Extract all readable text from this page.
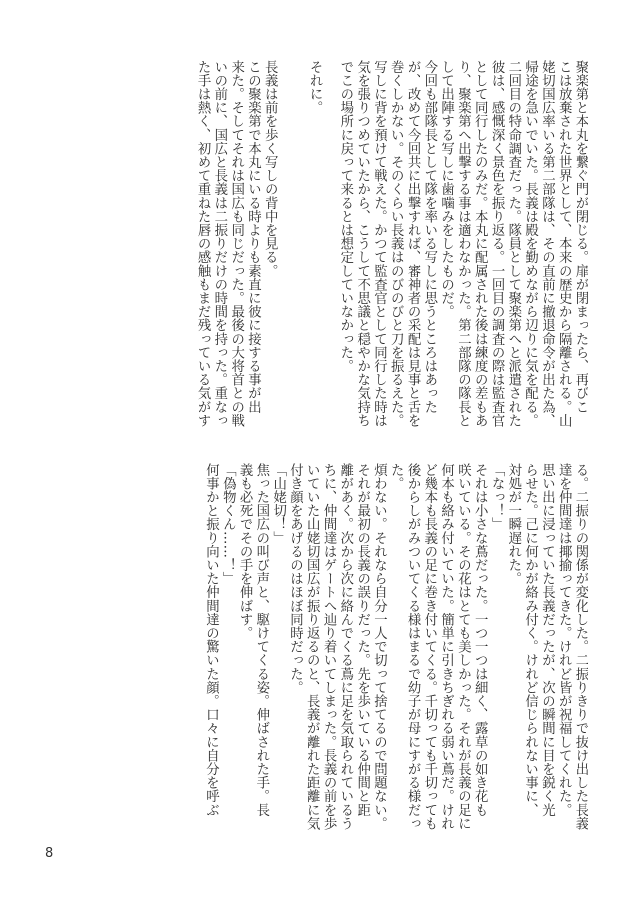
聚楽第と本丸を繋ぐ門が閉じる。扉が閉まったら、再びこ
こは放棄された世界として、本来の歴史から隔離される。山
姥切国広率いる第二部隊は、その直前に撤退命令が出た為、
帰途を急いでいた。長義は殿を勤めながら辺りに気を配る。
二回目の特命調査だった。隊員として聚楽第へと派遣された
彼は、感慨深く景色を振り返る。一回目の調査の際は監査官
として同行したのみだ。本丸に配属された後は練度の差もあ
り、聚楽第へ出撃する事は適わなかった。第二部隊の隊長と
して出陣する写しに歯噛みをしたものだ。
今回も部隊長として隊を率いる写しに思うところはあった
が、改めて今回共に出撃すれば、審神者の采配は見事と舌を
巻くしかない。そのくらい長義はのびのびと刀を振るえた。
写しに背を預けて戦えた。かつて監査官として同行した時は
気を張りつめていたから、こうして不思議と穏やかな気持ち
でこの場所に戻って来るとは想定していなかった。
それに。
長義は前を歩く写しの背中を見る。
この聚楽第で本丸にいる時よりも素直に彼に接する事が出
来た。そしてそれは国広も同じだった。最後の大将首との戦
いの前に、国広と長義は二振りだけの時間を持った。重なっ
た手は熱く、初めて重ねた唇の感触もまだ残っている気がす
る。二振りの関係が変化した。二振りきりで抜け出した長義
達を仲間達は揶揄ってきた。けれど皆が祝福してくれた。
思い出に浸っていた長義だったが、次の瞬間に目を鋭く光
らせた。己に何かが絡み付く。けれど信じられない事に、
対処が一瞬遅れた。
「なっ！」
それは小さな蔦だった。一つ一つは細く、露草の如き花も
咲いている。その花はとても美しかった。それが長義の足に
何本も絡み付いていた。簡単に引きちぎれる弱い蔦だ。けれ
ど幾本も長義の足に巻き付いてくる。千切っても千切っても
後からしがみついてくる様はまるで幼子が母にすがる様だっ
た。
煩わない。それなら自分一人で切って捨てるので問題ない。
それが最初の長義の誤りだった。先を歩いている仲間と距
離があく。次から次に絡んでくる蔦に足を気取られているう
ちに、仲間達はゲートへ辿り着いてしまった。長義の前を歩
いていた山姥切国広が振り返るのと、長義が離れた距離に気
付き顔をあげるのはほぼ同時だった。
「山姥切！」
焦った国広の叫び声と、駆けてくる姿。伸ばされた手。長
義も必死でその手を伸ばす。
「偽物くん……！」
何事かと振り向いた仲間達の驚いた顔。口々に自分を呼ぶ
8
